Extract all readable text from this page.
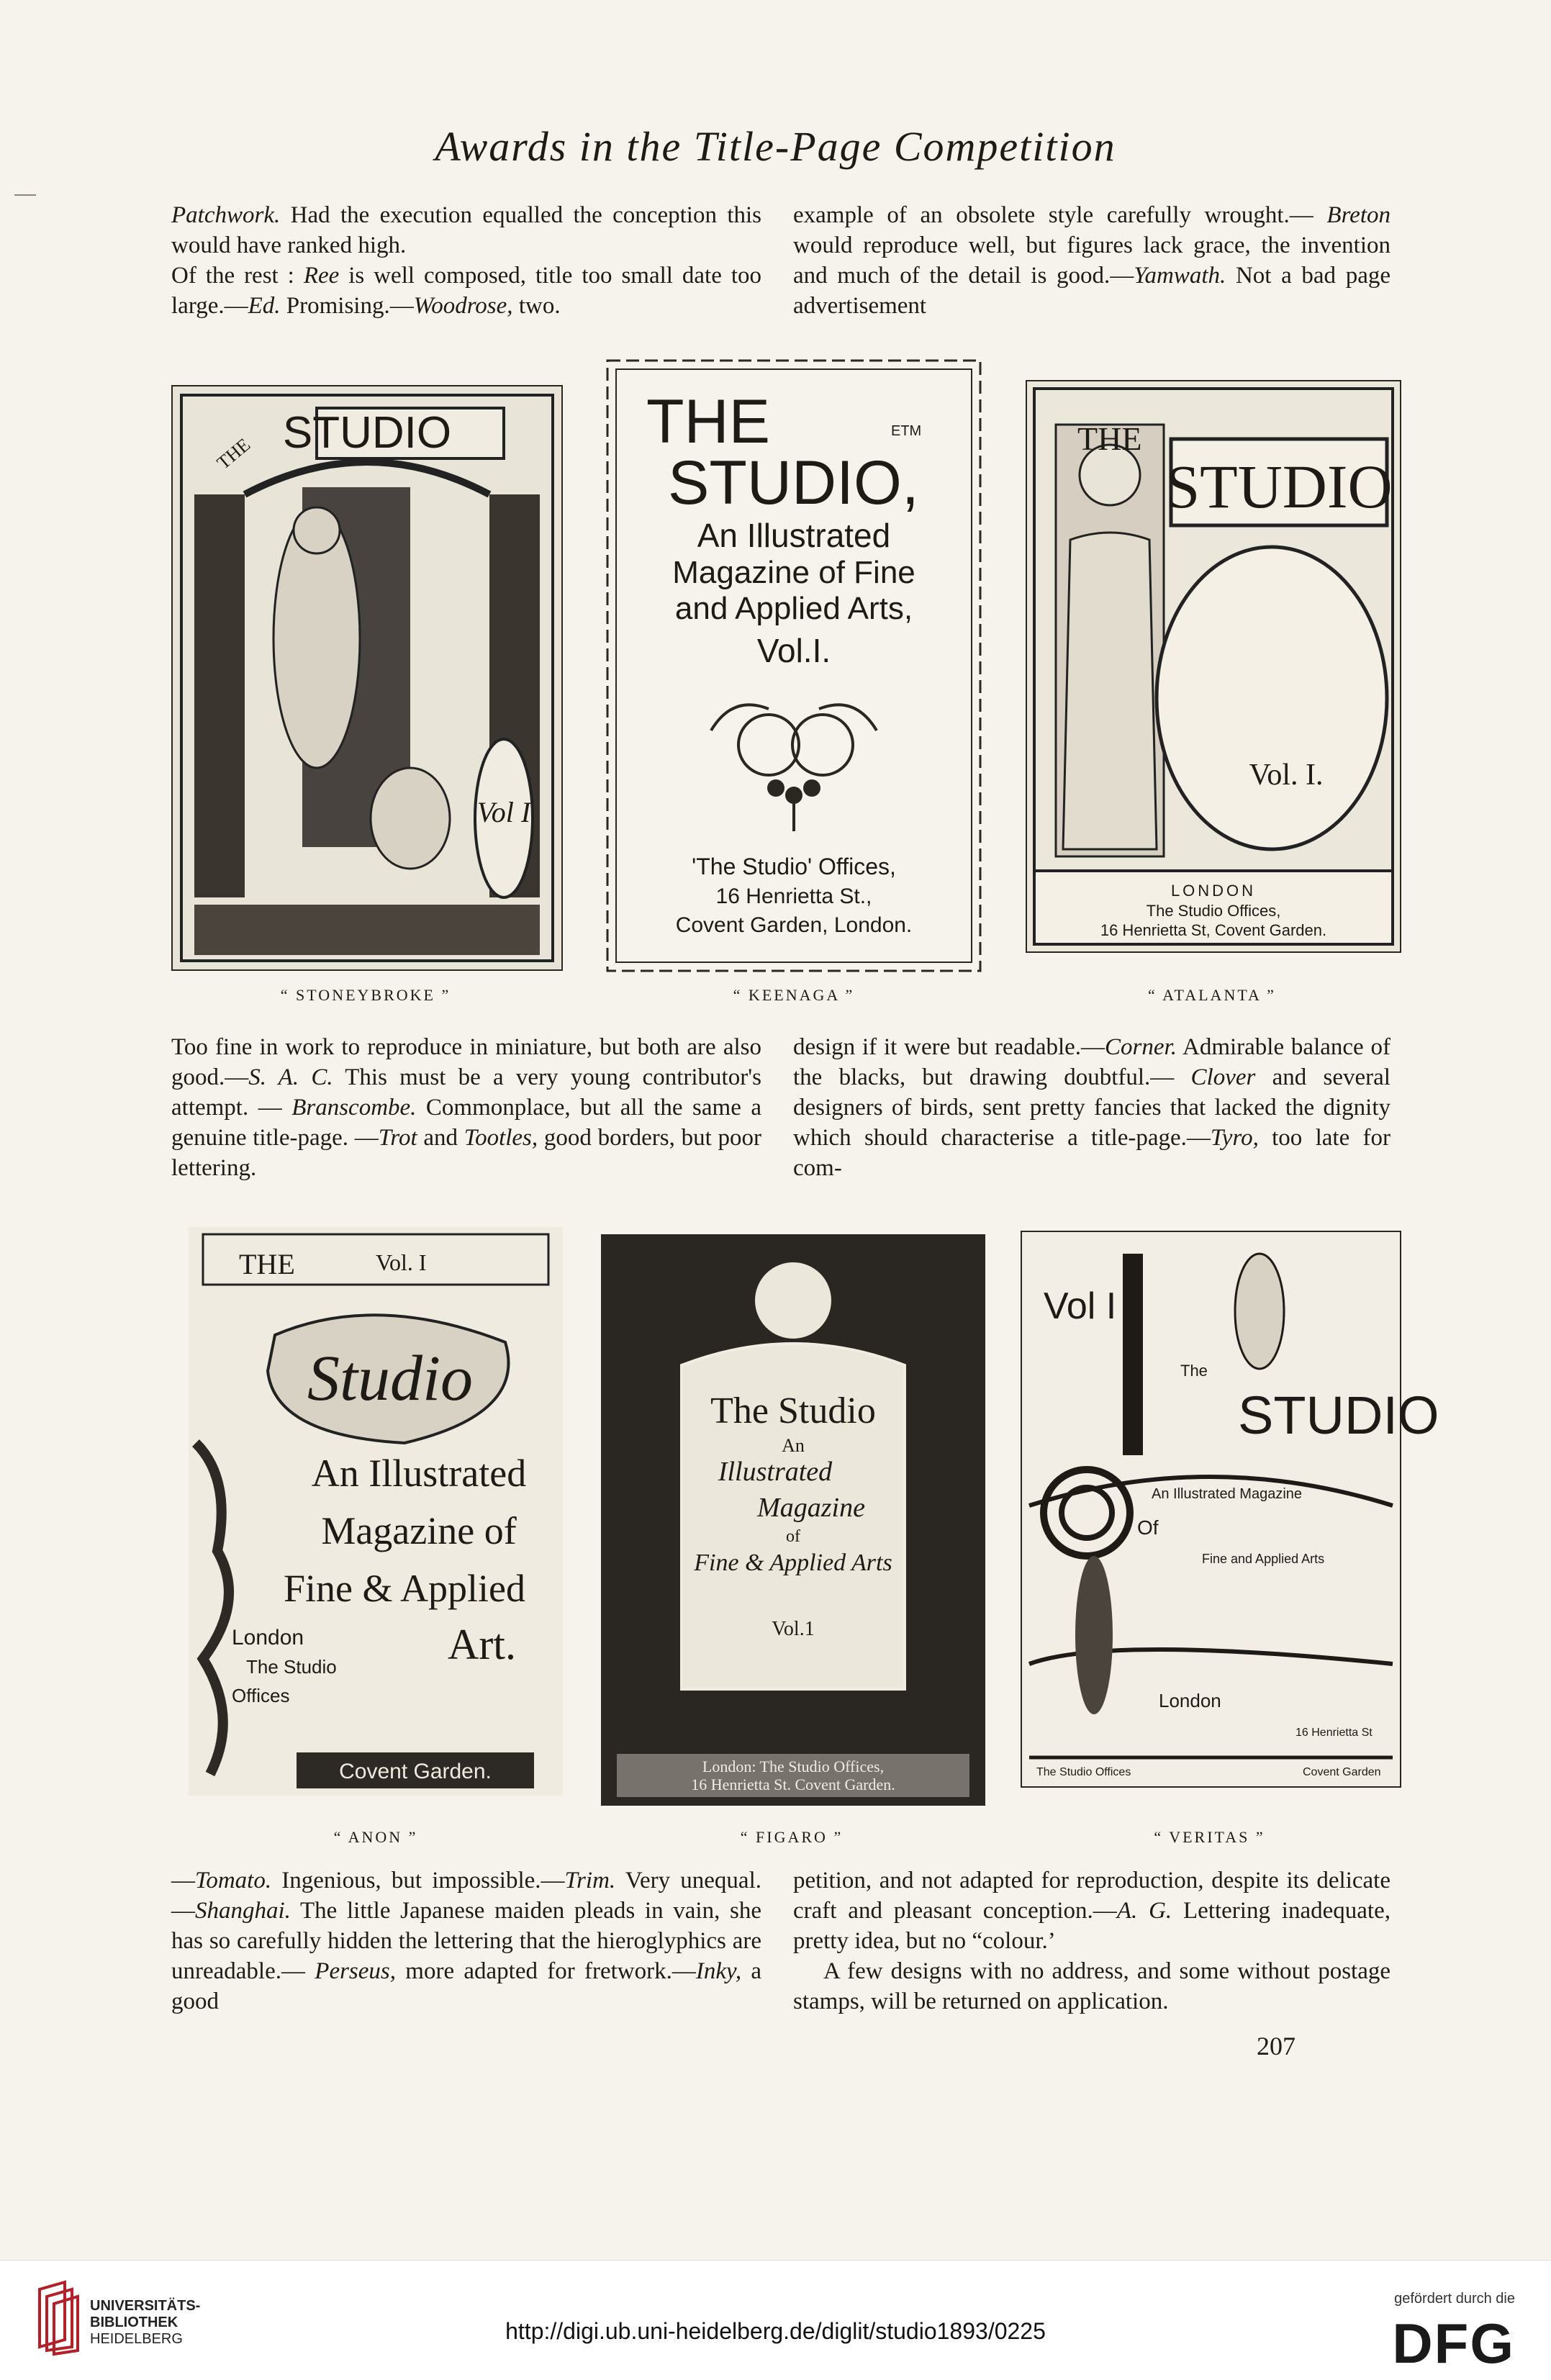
Awards in the Title-Page Competition

Patchwork. Had the execution equalled the conception this would have ranked high.

Of the rest : Ree is well composed, title too small date too large.—Ed. Promising.—Woodrose, two.

example of an obsolete style carefully wrought.— Breton would reproduce well, but figures lack grace, the invention and much of the detail is good.—Yamwath. Not a bad page advertisement

STUDIO
THE
Vol I
THE	ETM
STUDIO,
An Illustrated
Magazine of Fine
and Applied Arts,
Vol.I.
'The Studio' Offices,
16 Henrietta St.,
Covent Garden, London.
STUDIO
THE
Vol. I.
LONDON
The Studio Offices,
16 Henrietta St, Covent Garden.
“ STONEYBROKE ”	“ KEENAGA ”	“ ATALANTA ”

Too fine in work to reproduce in miniature, but both are also good.—S. A. C. This must be a very young contributor's attempt. — Branscombe. Commonplace, but all the same a genuine title-page. —Trot and Tootles, good borders, but poor lettering.

design if it were but readable.—Corner. Admirable balance of the blacks, but drawing doubtful.— Clover and several designers of birds, sent pretty fancies that lacked the dignity which should characterise a title-page.—Tyro, too late for com-

THE	Vol. I
Studio
An Illustrated
Magazine of
Fine & Applied
Art.
London
The Studio
Offices
Covent Garden.
The Studio
An
Illustrated
Magazine
of
Fine & Applied Arts
Vol.1
London: The Studio Offices,
16 Henrietta St. Covent Garden.
Vol I
The
STUDIO
An Illustrated Magazine
Of
Fine and Applied Arts
London
16 Henrietta St
The Studio Offices	Covent Garden
“ ANON ”	“ FIGARO ”	“ VERITAS ”

—Tomato. Ingenious, but impossible.—Trim. Very unequal.—Shanghai. The little Japanese maiden pleads in vain, she has so carefully hidden the lettering that the hieroglyphics are unreadable.— Perseus, more adapted for fretwork.—Inky, a good

petition, and not adapted for reproduction, despite its delicate craft and pleasant conception.—A. G. Lettering inadequate, pretty idea, but no “colour.’

A few designs with no address, and some without postage stamps, will be returned on application.

207
UNIVERSITÄTS-
BIBLIOTHEK
HEIDELBERG	http://digi.ub.uni-heidelberg.de/diglit/studio1893/0225
gefördert durch die
DFG
